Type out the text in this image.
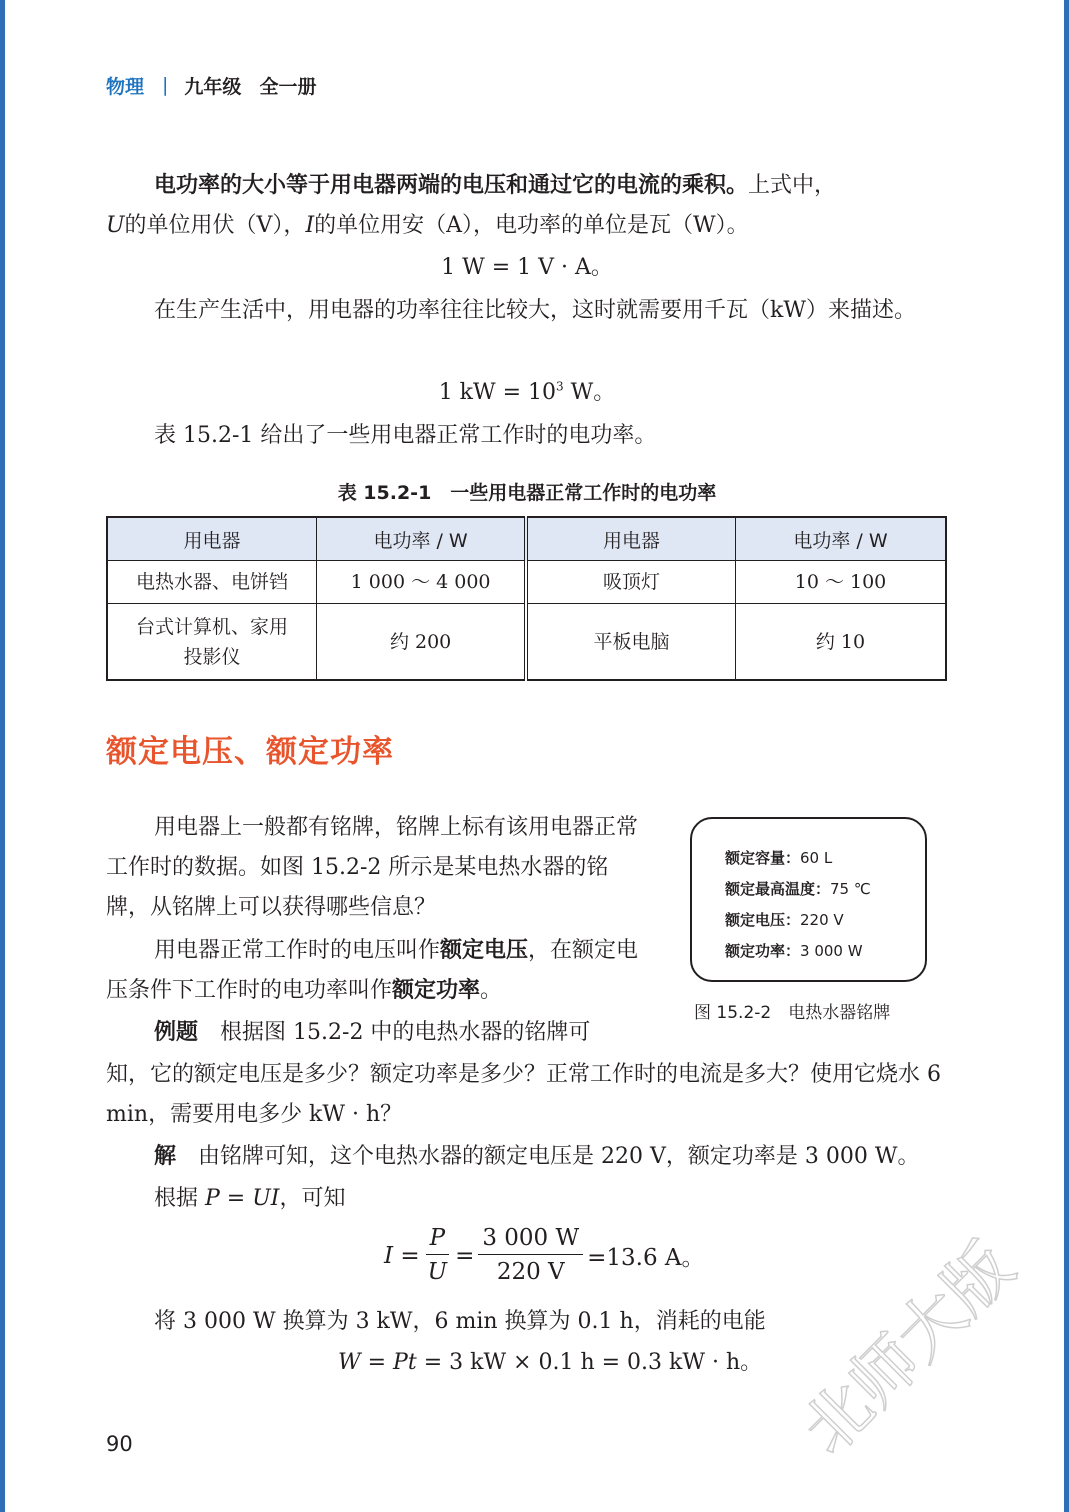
物理 | 九年级 全一册

电功率的大小等于用电器两端的电压和通过它的电流的乘积。上式中，
U的单位用伏（V），I的单位用安（A），电功率的单位是瓦（W）。

1 W = 1 V · A。

在生产生活中，用电器的功率往往比较大，这时就需要用千瓦（kW）来描述。

1 kW = $10^3$ W。

表 15.2-1 给出了一些用电器正常工作时的电功率。

表 15.2-1　一些用电器正常工作时的电功率
用电器	电功率 / W	用电器	电功率 / W
电热水器、电饼铛	1 000 ～ 4 000	吸顶灯	10 ～ 100
台式计算机、家用投影仪	约 200	平板电脑	约 10
额定电压、额定功率

用电器上一般都有铭牌，铭牌上标有该用电器正常工作时的数据。如图 15.2-2 所示是某电热水器的铭牌，从铭牌上可以获得哪些信息？

用电器正常工作时的电压叫作额定电压，在额定电压条件下工作时的电功率叫作额定功率。

例题　 根据图 15.2-2 中的电热水器的铭牌可

知，它的额定电压是多少？额定功率是多少？正常工作时的电流是多大？使用它烧水 6 min，需要用电多少 kW · h？

解　 由铭牌可知，这个电热水器的额定电压是 220 V，额定功率是 3 000 W。

根据 P = UI，可知

$I = \frac{P}{U} = \frac{3 000 W}{220 V} =13.6$ A。

将 3 000 W 换算为 3 kW，6 min 换算为 0.1 h，消耗的电能

W = Pt = 3 kW × 0.1 h = 0.3 kW · h。

额定容量：60 L
额定最高温度：75 ℃
额定电压：220 V
额定功率：3 000 W
图 15.2-2　电热水器铭牌
90	北师大版
